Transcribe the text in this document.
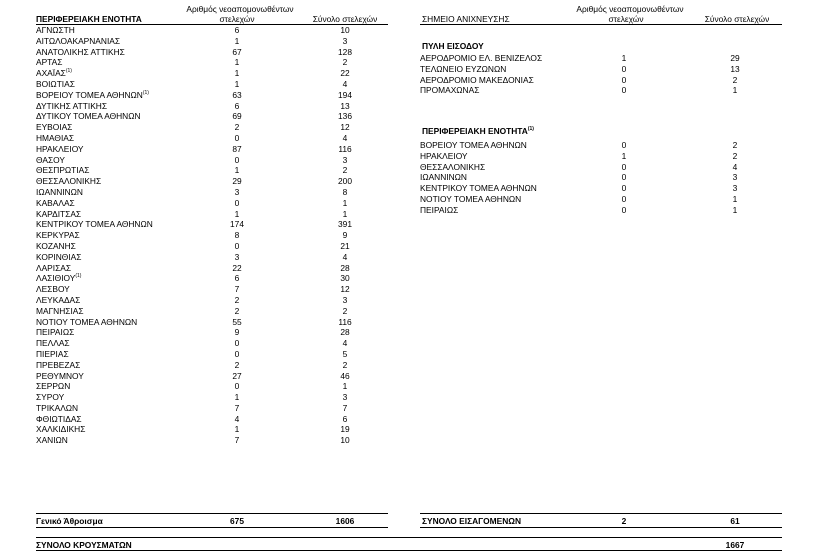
Αριθμός νεοαπομονωθέντων
ΠΕΡΙΦΕΡΕΙΑΚΗ ΕΝΟΤΗΤΑ	στελεχών	Σύνολο στελεχών
ΑΓΝΩΣΤΗ	6	10
ΑΙΤΩΛΟΑΚΑΡΝΑΝΙΑΣ	1	3
ΑΝΑΤΟΛΙΚΗΣ ΑΤΤΙΚΗΣ	67	128
ΑΡΤΑΣ	1	2
ΑΧΑΪΑΣ$^{(1)}$	1	22
ΒΟΙΩΤΙΑΣ	1	4
ΒΟΡΕΙΟΥ ΤΟΜΕΑ ΑΘΗΝΩΝ$^{(1)}$	63	194
ΔΥΤΙΚΗΣ ΑΤΤΙΚΗΣ	6	13
ΔΥΤΙΚΟΥ ΤΟΜΕΑ ΑΘΗΝΩΝ	69	136
ΕΥΒΟΙΑΣ	2	12
ΗΜΑΘΙΑΣ	0	4
ΗΡΑΚΛΕΙΟΥ	87	116
ΘΑΣΟΥ	0	3
ΘΕΣΠΡΩΤΙΑΣ	1	2
ΘΕΣΣΑΛΟΝΙΚΗΣ	29	200
ΙΩΑΝΝΙΝΩΝ	3	8
ΚΑΒΑΛΑΣ	0	1
ΚΑΡΔΙΤΣΑΣ	1	1
ΚΕΝΤΡΙΚΟΥ ΤΟΜΕΑ ΑΘΗΝΩΝ	174	391
ΚΕΡΚΥΡΑΣ	8	9
ΚΟΖΑΝΗΣ	0	21
ΚΟΡΙΝΘΙΑΣ	3	4
ΛΑΡΙΣΑΣ	22	28
ΛΑΣΙΘΙΟΥ$^{(1)}$	6	30
ΛΕΣΒΟΥ	7	12
ΛΕΥΚΑΔΑΣ	2	3
ΜΑΓΝΗΣΙΑΣ	2	2
ΝΟΤΙΟΥ ΤΟΜΕΑ ΑΘΗΝΩΝ	55	116
ΠΕΙΡΑΙΩΣ	9	28
ΠΕΛΛΑΣ	0	4
ΠΙΕΡΙΑΣ	0	5
ΠΡΕΒΕΖΑΣ	2	2
ΡΕΘΥΜΝΟΥ	27	46
ΣΕΡΡΩΝ	0	1
ΣΥΡΟΥ	1	3
ΤΡΙΚΑΛΩΝ	7	7
ΦΘΙΩΤΙΔΑΣ	4	6
ΧΑΛΚΙΔΙΚΗΣ	1	19
ΧΑΝΙΩΝ	7	10
Γενικό Άθροισμα	675	1606
Αριθμός νεοαπομονωθέντων
ΣΗΜΕΙΟ ΑΝΙΧΝΕΥΣΗΣ	στελεχών	Σύνολο στελεχών
ΠΥΛΗ ΕΙΣΟΔΟΥ
ΑΕΡΟΔΡΟΜΙΟ ΕΛ. ΒΕΝΙΖΕΛΟΣ	1	29
ΤΕΛΩΝΕΙΟ ΕΥΖΩΝΩΝ	0	13
ΑΕΡΟΔΡΟΜΙΟ ΜΑΚΕΔΟΝΙΑΣ	0	2
ΠΡΟΜΑΧΩΝΑΣ	0	1
ΠΕΡΙΦΕΡΕΙΑΚΗ ΕΝΟΤΗΤΑ$^{(1)}$
ΒΟΡΕΙΟΥ ΤΟΜΕΑ ΑΘΗΝΩΝ	0	2
ΗΡΑΚΛΕΙΟΥ	1	2
ΘΕΣΣΑΛΟΝΙΚΗΣ	0	4
ΙΩΑΝΝΙΝΩΝ	0	3
ΚΕΝΤΡΙΚΟΥ ΤΟΜΕΑ ΑΘΗΝΩΝ	0	3
ΝΟΤΙΟΥ ΤΟΜΕΑ ΑΘΗΝΩΝ	0	1
ΠΕΙΡΑΙΩΣ	0	1
ΣΥΝΟΛΟ ΕΙΣΑΓΟΜΕΝΩΝ	2	61
ΣΥΝΟΛΟ ΚΡΟΥΣΜΑΤΩΝ	1667
